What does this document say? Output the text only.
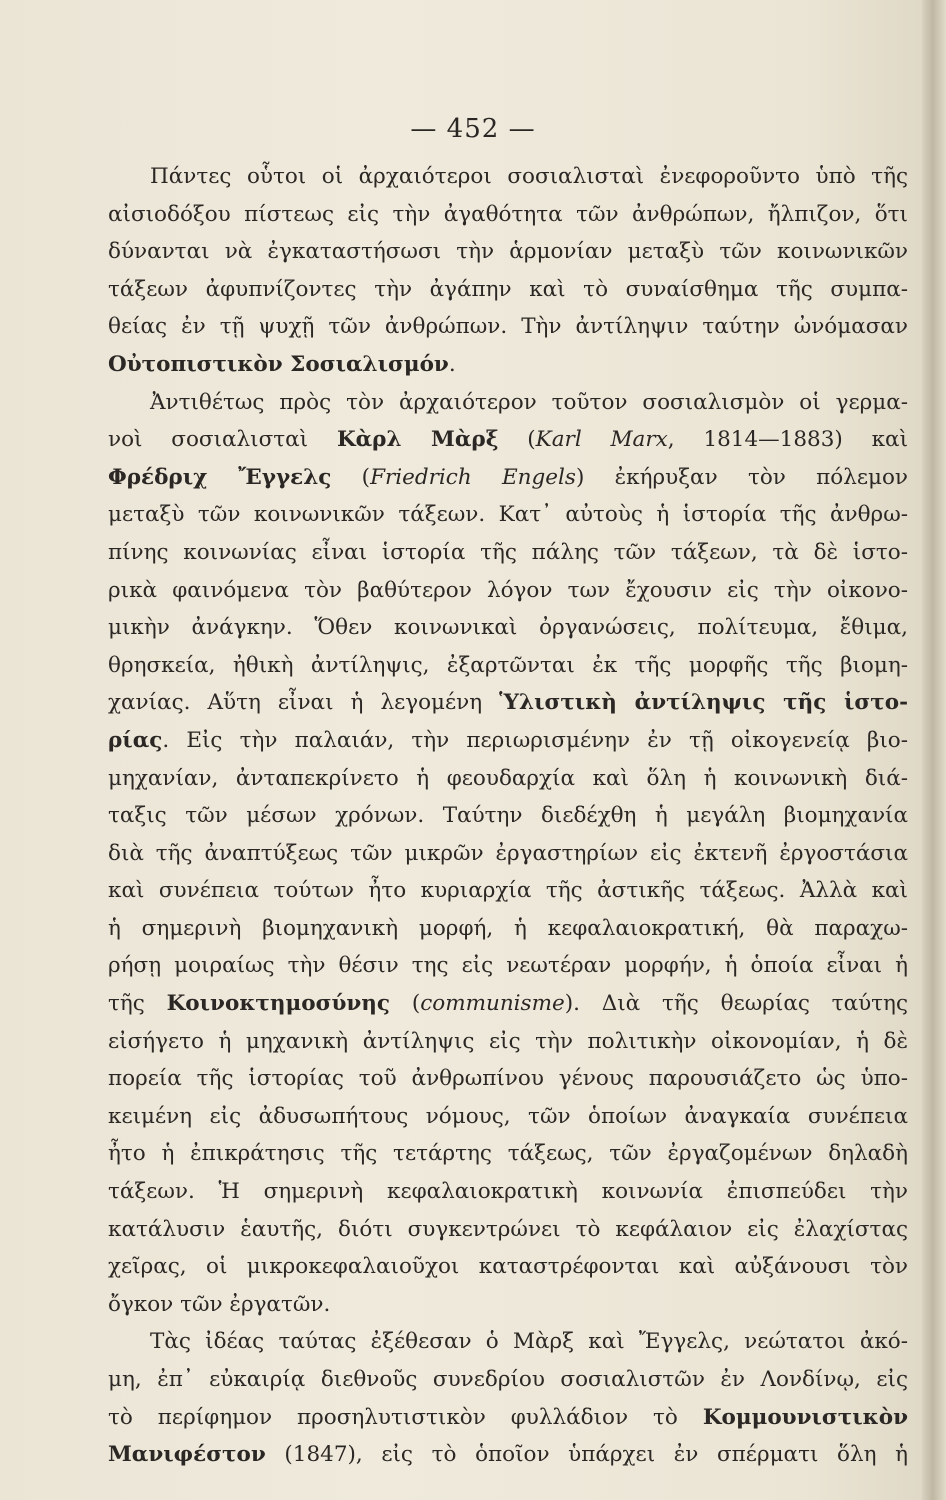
— 452 —
Πάντες οὗτοι οἱ ἀρχαιότεροι σοσιαλισταὶ ἐνεφοροῦντο ὑπὸ τῆς
αἰσιοδόξου πίστεως εἰς τὴν ἀγαθότητα τῶν ἀνθρώπων, ἤλπιζον, ὅτι
δύνανται νὰ ἐγκαταστήσωσι τὴν ἁρμονίαν μεταξὺ τῶν κοινωνικῶν
τάξεων ἀφυπνίζοντες τὴν ἀγάπην καὶ τὸ συναίσθημα τῆς συμπα-
θείας ἐν τῇ ψυχῇ τῶν ἀνθρώπων. Τὴν ἀντίληψιν ταύτην ὠνόμασαν
Οὐτοπιστικὸν Σοσιαλισμόν.
Ἀντιθέτως πρὸς τὸν ἀρχαιότερον τοῦτον σοσιαλισμὸν οἱ γερμα-
νοὶ σοσιαλισταὶ Κὰρλ Μὰρξ (Karl Marx, 1814—1883) καὶ
Φρέδριχ Ἔγγελς (Friedrich Engels) ἐκήρυξαν τὸν πόλεμον
μεταξὺ τῶν κοινωνικῶν τάξεων. Κατ᾽ αὐτοὺς ἡ ἱστορία τῆς ἀνθρω-
πίνης κοινωνίας εἶναι ἱστορία τῆς πάλης τῶν τάξεων, τὰ δὲ ἱστο-
ρικὰ φαινόμενα τὸν βαθύτερον λόγον των ἔχουσιν εἰς τὴν οἰκονο-
μικὴν ἀνάγκην. Ὅθεν κοινωνικαὶ ὀργανώσεις, πολίτευμα, ἔθιμα,
θρησκεία, ἠθικὴ ἀντίληψις, ἐξαρτῶνται ἐκ τῆς μορφῆς τῆς βιομη-
χανίας. Αὕτη εἶναι ἡ λεγομένη Ὑλιστικὴ ἀντίληψις τῆς ἱστο-
ρίας. Εἰς τὴν παλαιάν, τὴν περιωρισμένην ἐν τῇ οἰκογενείᾳ βιο-
μηχανίαν, ἀνταπεκρίνετο ἡ φεουδαρχία καὶ ὅλη ἡ κοινωνικὴ διά-
ταξις τῶν μέσων χρόνων. Ταύτην διεδέχθη ἡ μεγάλη βιομηχανία
διὰ τῆς ἀναπτύξεως τῶν μικρῶν ἐργαστηρίων εἰς ἐκτενῆ ἐργοστάσια
καὶ συνέπεια τούτων ἦτο κυριαρχία τῆς ἀστικῆς τάξεως. Ἀλλὰ καὶ
ἡ σημερινὴ βιομηχανικὴ μορφή, ἡ κεφαλαιοκρατική, θὰ παραχω-
ρήσῃ μοιραίως τὴν θέσιν της εἰς νεωτέραν μορφήν, ἡ ὁποία εἶναι ἡ
τῆς Κοινοκτημοσύνης (communisme). Διὰ τῆς θεωρίας ταύτης
εἰσήγετο ἡ μηχανικὴ ἀντίληψις εἰς τὴν πολιτικὴν οἰκονομίαν, ἡ δὲ
πορεία τῆς ἱστορίας τοῦ ἀνθρωπίνου γένους παρουσιάζετο ὡς ὑπο-
κειμένη εἰς ἀδυσωπήτους νόμους, τῶν ὁποίων ἀναγκαία συνέπεια
ἦτο ἡ ἐπικράτησις τῆς τετάρτης τάξεως, τῶν ἐργαζομένων δηλαδὴ
τάξεων. Ἡ σημερινὴ κεφαλαιοκρατικὴ κοινωνία ἐπισπεύδει τὴν
κατάλυσιν ἑαυτῆς, διότι συγκεντρώνει τὸ κεφάλαιον εἰς ἐλαχίστας
χεῖρας, οἱ μικροκεφαλαιοῦχοι καταστρέφονται καὶ αὐξάνουσι τὸν
ὄγκον τῶν ἐργατῶν.
Τὰς ἰδέας ταύτας ἐξέθεσαν ὁ Μὰρξ καὶ Ἔγγελς, νεώτατοι ἀκό-
μη, ἐπ᾽ εὐκαιρίᾳ διεθνοῦς συνεδρίου σοσιαλιστῶν ἐν Λονδίνῳ, εἰς
τὸ περίφημον προσηλυτιστικὸν φυλλάδιον τὸ Κομμουνιστικὸν
Μανιφέστον (1847), εἰς τὸ ὁποῖον ὑπάρχει ἐν σπέρματι ὅλη ἡ
